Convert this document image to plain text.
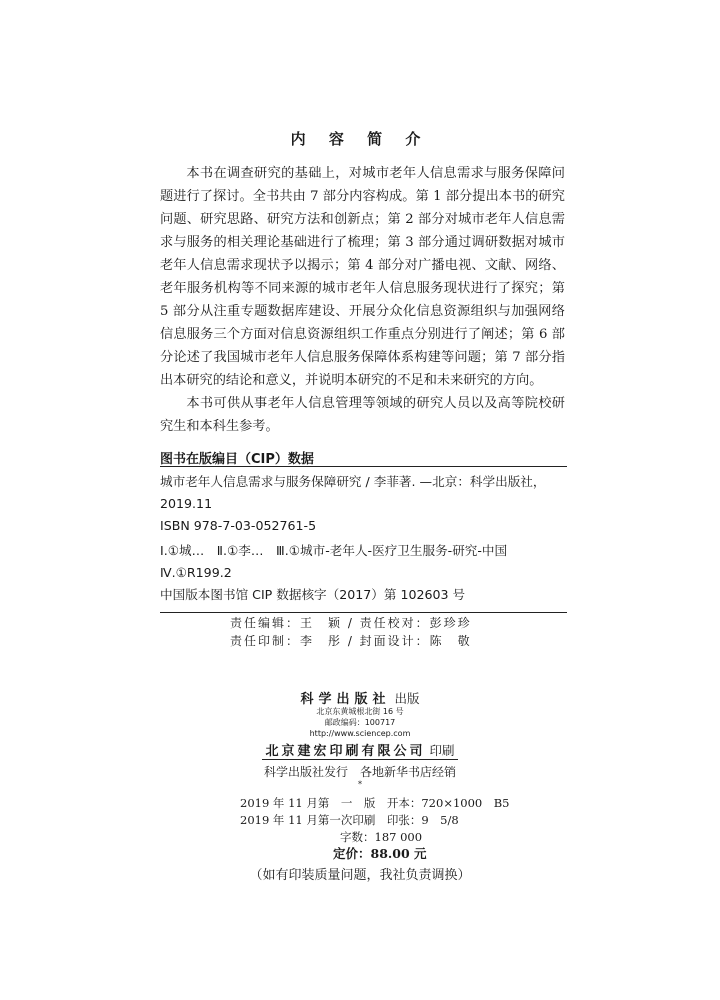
内 容 简 介

本书在调查研究的基础上，对城市老年人信息需求与服务保障问题进行了探讨。全书共由 7 部分内容构成。第 1 部分提出本书的研究问题、研究思路、研究方法和创新点；第 2 部分对城市老年人信息需求与服务的相关理论基础进行了梳理；第 3 部分通过调研数据对城市老年人信息需求现状予以揭示；第 4 部分对广播电视、文献、网络、老年服务机构等不同来源的城市老年人信息服务现状进行了探究；第 5 部分从注重专题数据库建设、开展分众化信息资源组织与加强网络信息服务三个方面对信息资源组织工作重点分别进行了阐述；第 6 部分论述了我国城市老年人信息服务保障体系构建等问题；第 7 部分指出本研究的结论和意义，并说明本研究的不足和未来研究的方向。

本书可供从事老年人信息管理等领域的研究人员以及高等院校研究生和本科生参考。

图书在版编目（CIP）数据

城市老年人信息需求与服务保障研究 / 李菲著. —北京：科学出版社，2019.11

ISBN 978-7-03-052761-5

Ⅰ.①城…　Ⅱ.①李…　Ⅲ.①城市-老年人-医疗卫生服务-研究-中国　Ⅳ.①R199.2

中国版本图书馆 CIP 数据核字（2017）第 102603 号

责任编辑：王　颖 / 责任校对：彭珍珍
责任印制：李　彤 / 封面设计：陈　敬
科学出版社 出版
北京东黄城根北街 16 号
邮政编码：100717
http://www.sciencep.com
北京建宏印刷有限公司 印刷
科学出版社发行　各地新华书店经销
*
2019 年 11 月第　一　版　开本：720×1000　B5
2019 年 11 月第一次印刷　印张：9　5/8
字数：187 000
定价：88.00 元
（如有印装质量问题，我社负责调换）
